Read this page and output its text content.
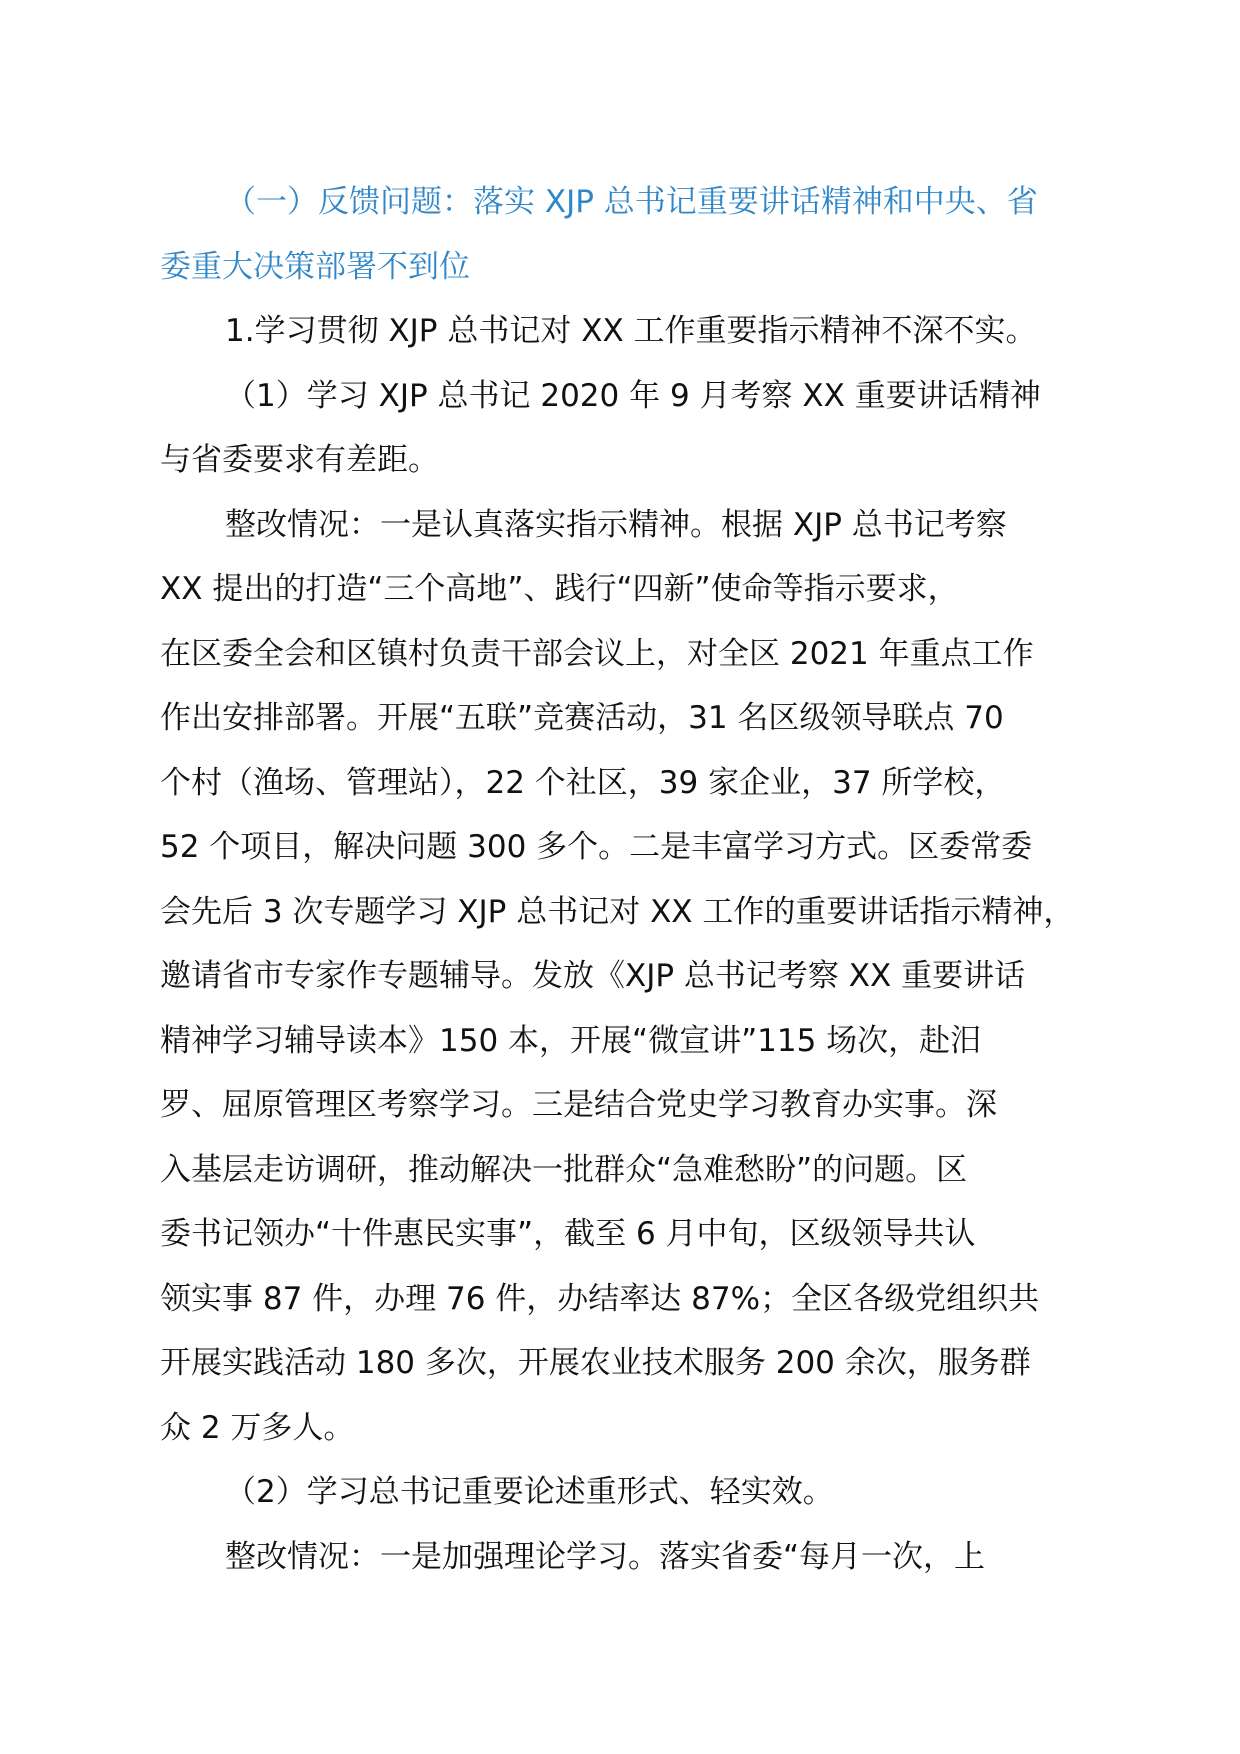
（一）反馈问题：落实 XJP 总书记重要讲话精神和中央、省
委重大决策部署不到位
1.学习贯彻 XJP 总书记对 XX 工作重要指示精神不深不实。
（1）学习 XJP 总书记 2020 年 9 月考察 XX 重要讲话精神
与省委要求有差距。
整改情况：一是认真落实指示精神。根据 XJP 总书记考察
XX 提出的打造“三个高地”、践行“四新”使命等指示要求，
在区委全会和区镇村负责干部会议上，对全区 2021 年重点工作
作出安排部署。开展“五联”竞赛活动，31 名区级领导联点 70
个村（渔场、管理站），22 个社区，39 家企业，37 所学校，
52 个项目，解决问题 300 多个。二是丰富学习方式。区委常委
会先后 3 次专题学习 XJP 总书记对 XX 工作的重要讲话指示精神，
邀请省市专家作专题辅导。发放《XJP 总书记考察 XX 重要讲话
精神学习辅导读本》150 本，开展“微宣讲”115 场次，赴汨
罗、屈原管理区考察学习。三是结合党史学习教育办实事。深
入基层走访调研，推动解决一批群众“急难愁盼”的问题。区
委书记领办“十件惠民实事”，截至 6 月中旬，区级领导共认
领实事 87 件，办理 76 件，办结率达 87%；全区各级党组织共
开展实践活动 180 多次，开展农业技术服务 200 余次，服务群
众 2 万多人。
（2）学习总书记重要论述重形式、轻实效。
整改情况：一是加强理论学习。落实省委“每月一次，上
